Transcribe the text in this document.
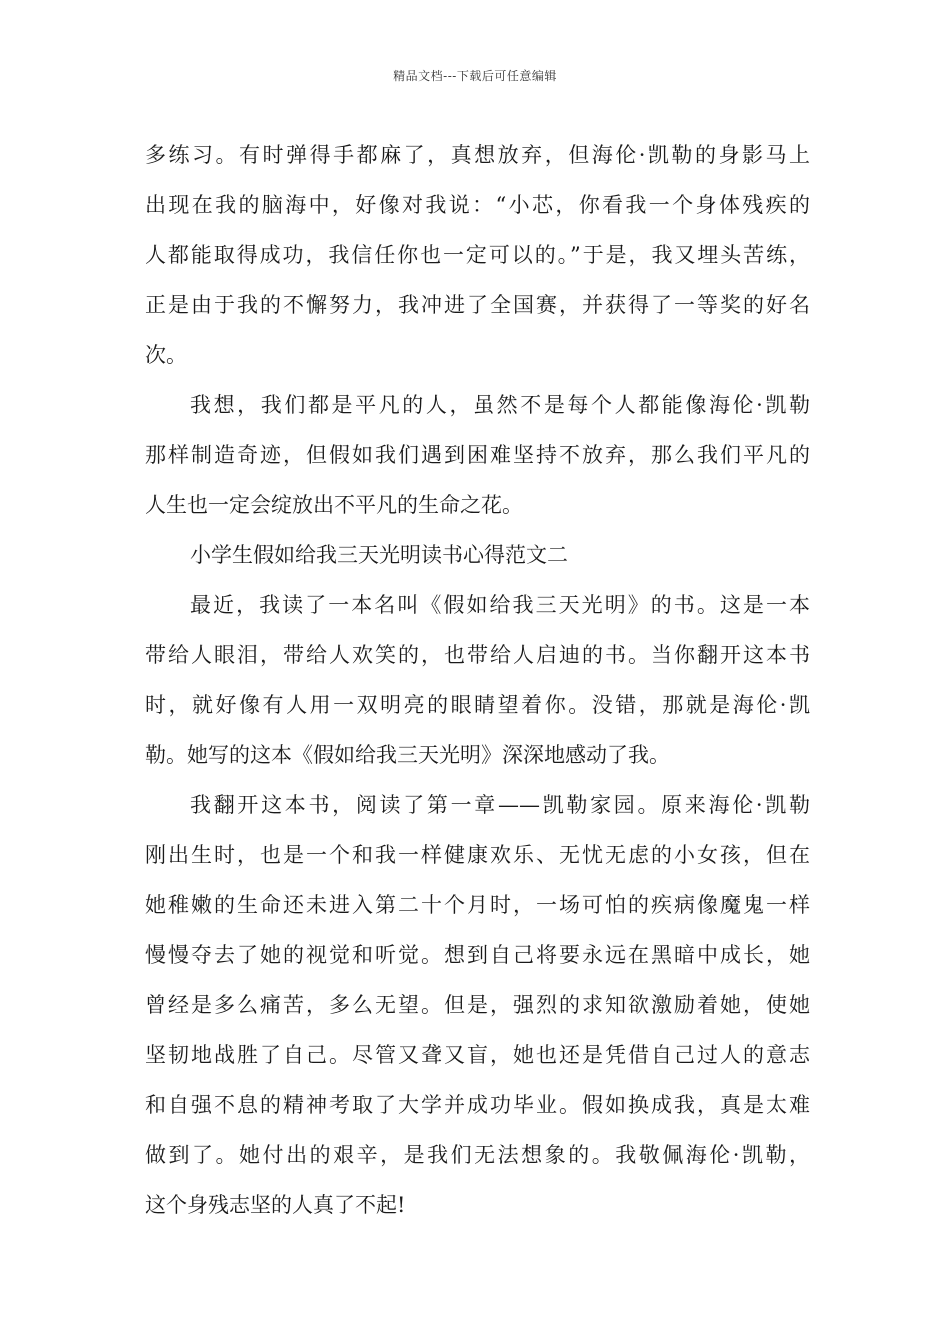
精品文档---下载后可任意编辑
多练习。有时弹得手都麻了，真想放弃，但海伦·凯勒的身影马上
出现在我的脑海中，好像对我说：“小芯，你看我一个身体残疾的
人都能取得成功，我信任你也一定可以的。”于是，我又埋头苦练，
正是由于我的不懈努力，我冲进了全国赛，并获得了一等奖的好名
次。
我想，我们都是平凡的人，虽然不是每个人都能像海伦·凯勒
那样制造奇迹，但假如我们遇到困难坚持不放弃，那么我们平凡的
人生也一定会绽放出不平凡的生命之花。
小学生假如给我三天光明读书心得范文二
最近，我读了一本名叫《假如给我三天光明》的书。这是一本
带给人眼泪，带给人欢笑的，也带给人启迪的书。当你翻开这本书
时，就好像有人用一双明亮的眼睛望着你。没错，那就是海伦·凯
勒。她写的这本《假如给我三天光明》深深地感动了我。
我翻开这本书，阅读了第一章——凯勒家园。原来海伦·凯勒
刚出生时，也是一个和我一样健康欢乐、无忧无虑的小女孩，但在
她稚嫩的生命还未进入第二十个月时，一场可怕的疾病像魔鬼一样
慢慢夺去了她的视觉和听觉。想到自己将要永远在黑暗中成长，她
曾经是多么痛苦，多么无望。但是，强烈的求知欲激励着她，使她
坚韧地战胜了自己。尽管又聋又盲，她也还是凭借自己过人的意志
和自强不息的精神考取了大学并成功毕业。假如换成我，真是太难
做到了。她付出的艰辛，是我们无法想象的。我敬佩海伦·凯勒，
这个身残志坚的人真了不起!
